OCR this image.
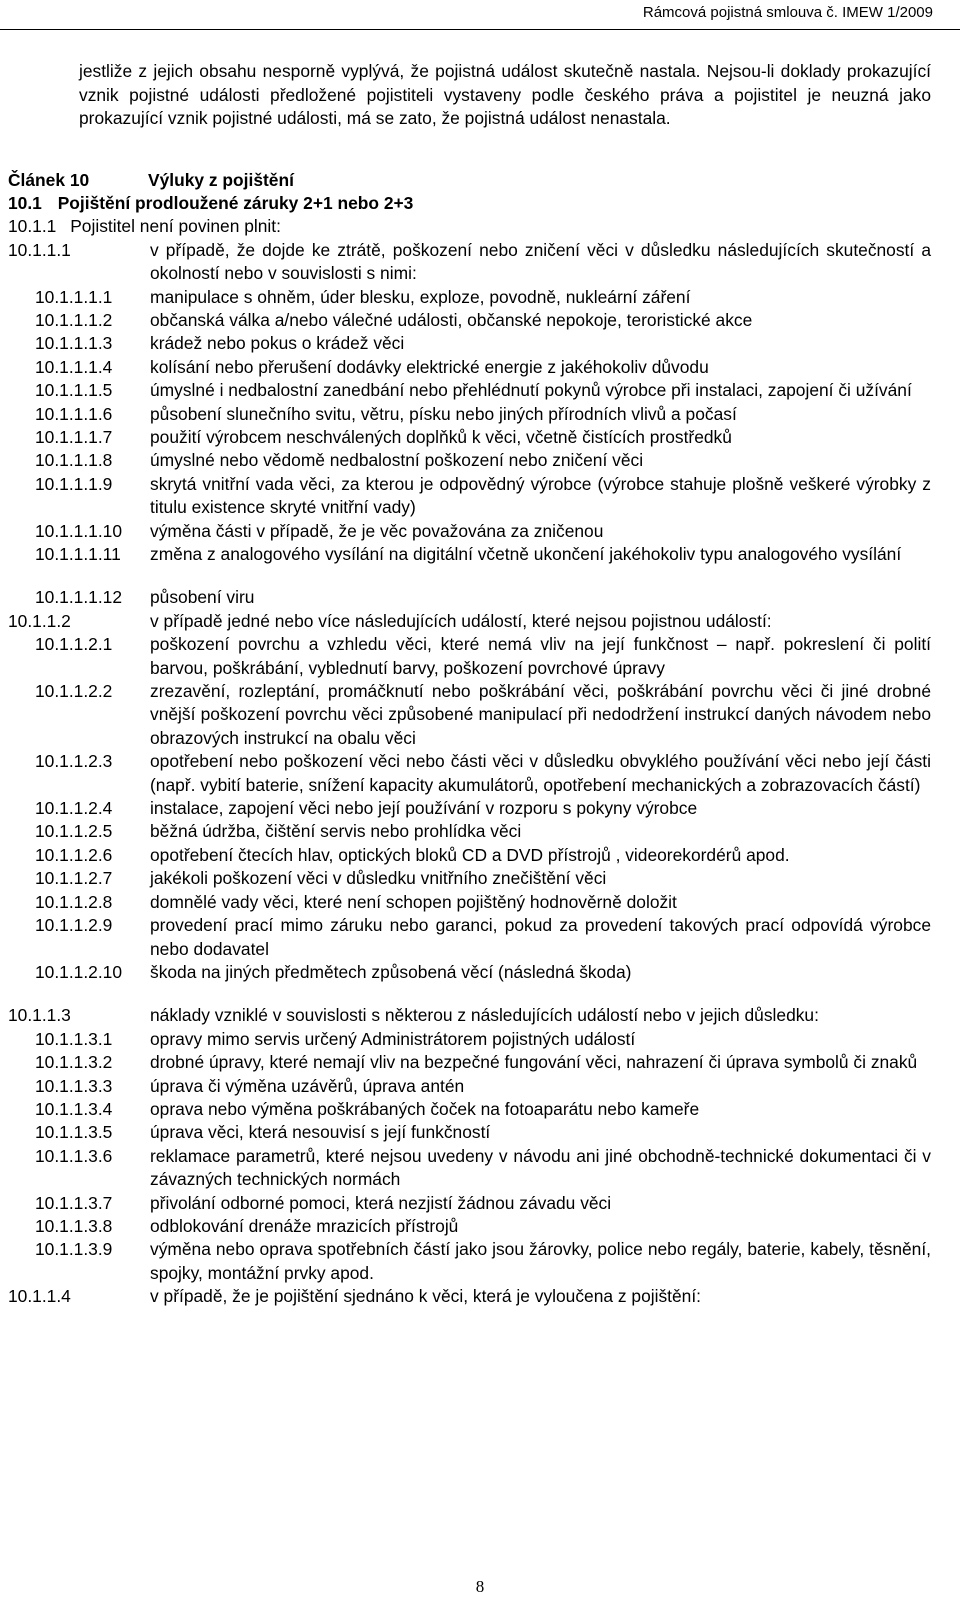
Rámcová pojistná smlouva č. IMEW 1/2009

jestliže z jejich obsahu nesporně vyplývá, že pojistná událost skutečně nastala. Nejsou-li doklady prokazující vznik pojistné události předložené pojistiteli vystaveny podle českého práva a pojistitel je neuzná jako prokazující vznik pojistné události, má se zato, že pojistná událost nenastala.

Článek 10	Výluky z pojištění
10.1 Pojištění prodloužené záruky 2+1 nebo 2+3
10.1.1 Pojistitel není povinen plnit:
10.1.1.1	v případě, že dojde ke ztrátě, poškození nebo zničení věci v důsledku následujících skutečností a okolností nebo v souvislosti s nimi:
10.1.1.1.1 manipulace s ohněm, úder blesku, exploze, povodně, nukleární záření
10.1.1.1.2 občanská válka a/nebo válečné události, občanské nepokoje, teroristické akce
10.1.1.1.3 krádež nebo pokus o krádež věci
10.1.1.1.4 kolísání nebo přerušení dodávky elektrické energie z jakéhokoliv důvodu
10.1.1.1.5 úmyslné i nedbalostní zanedbání nebo přehlédnutí pokynů výrobce při instalaci, zapojení či užívání
10.1.1.1.6 působení slunečního svitu, větru, písku nebo jiných přírodních vlivů a počasí
10.1.1.1.7 použití výrobcem neschválených doplňků k věci, včetně čistících prostředků
10.1.1.1.8 úmyslné nebo vědomě nedbalostní poškození nebo zničení věci
10.1.1.1.9 skrytá vnitřní vada věci, za kterou je odpovědný výrobce (výrobce stahuje plošně veškeré výrobky z titulu existence skryté vnitřní vady)
10.1.1.1.10 výměna části v případě, že je věc považována za zničenou
10.1.1.1.11 změna z analogového vysílání na digitální včetně ukončení jakéhokoliv typu analogového vysílání
10.1.1.1.12 působení viru
10.1.1.2	v případě jedné nebo více následujících událostí, které nejsou pojistnou událostí:
10.1.1.2.1 poškození povrchu a vzhledu věci, které nemá vliv na její funkčnost – např. pokreslení či polití barvou, poškrábání, vyblednutí barvy, poškození povrchové úpravy
10.1.1.2.2 zrezavění, rozleptání, promáčknutí nebo poškrábání věci, poškrábání povrchu věci či jiné drobné vnější poškození povrchu věci způsobené manipulací při nedodržení instrukcí daných návodem nebo obrazových instrukcí na obalu věci
10.1.1.2.3 opotřebení nebo poškození věci nebo části věci v důsledku obvyklého používání věci nebo její části (např. vybití baterie, snížení kapacity akumulátorů, opotřebení mechanických a zobrazovacích částí)
10.1.1.2.4 instalace, zapojení věci nebo její používání v rozporu s pokyny výrobce
10.1.1.2.5 běžná údržba, čištění servis nebo prohlídka věci
10.1.1.2.6 opotřebení čtecích hlav, optických bloků CD a DVD přístrojů , videorekordérů apod.
10.1.1.2.7 jakékoli poškození věci v důsledku vnitřního znečištění věci
10.1.1.2.8 domnělé vady věci, které není schopen pojištěný hodnověrně doložit
10.1.1.2.9 provedení prací mimo záruku nebo garanci, pokud za provedení takových prací odpovídá výrobce nebo dodavatel
10.1.1.2.10 škoda na jiných předmětech způsobená věcí (následná škoda)
10.1.1.3	náklady vzniklé v souvislosti s některou z následujících událostí nebo v jejich důsledku:
10.1.1.3.1 opravy mimo servis určený Administrátorem pojistných událostí
10.1.1.3.2 drobné úpravy, které nemají vliv na bezpečné fungování věci, nahrazení či úprava symbolů či znaků
10.1.1.3.3 úprava či výměna uzávěrů, úprava antén
10.1.1.3.4 oprava nebo výměna poškrábaných čoček na fotoaparátu nebo kameře
10.1.1.3.5 úprava věci, která nesouvisí s její funkčností
10.1.1.3.6 reklamace parametrů, které nejsou uvedeny v návodu ani jiné obchodně-technické dokumentaci či v závazných technických normách
10.1.1.3.7 přivolání odborné pomoci, která nezjistí žádnou závadu věci
10.1.1.3.8 odblokování drenáže mrazicích přístrojů
10.1.1.3.9 výměna nebo oprava spotřebních částí jako jsou žárovky, police nebo regály, baterie, kabely, těsnění, spojky, montážní prvky apod.
10.1.1.4	v případě, že je pojištění sjednáno k věci, která je vyloučena z pojištění:
8
